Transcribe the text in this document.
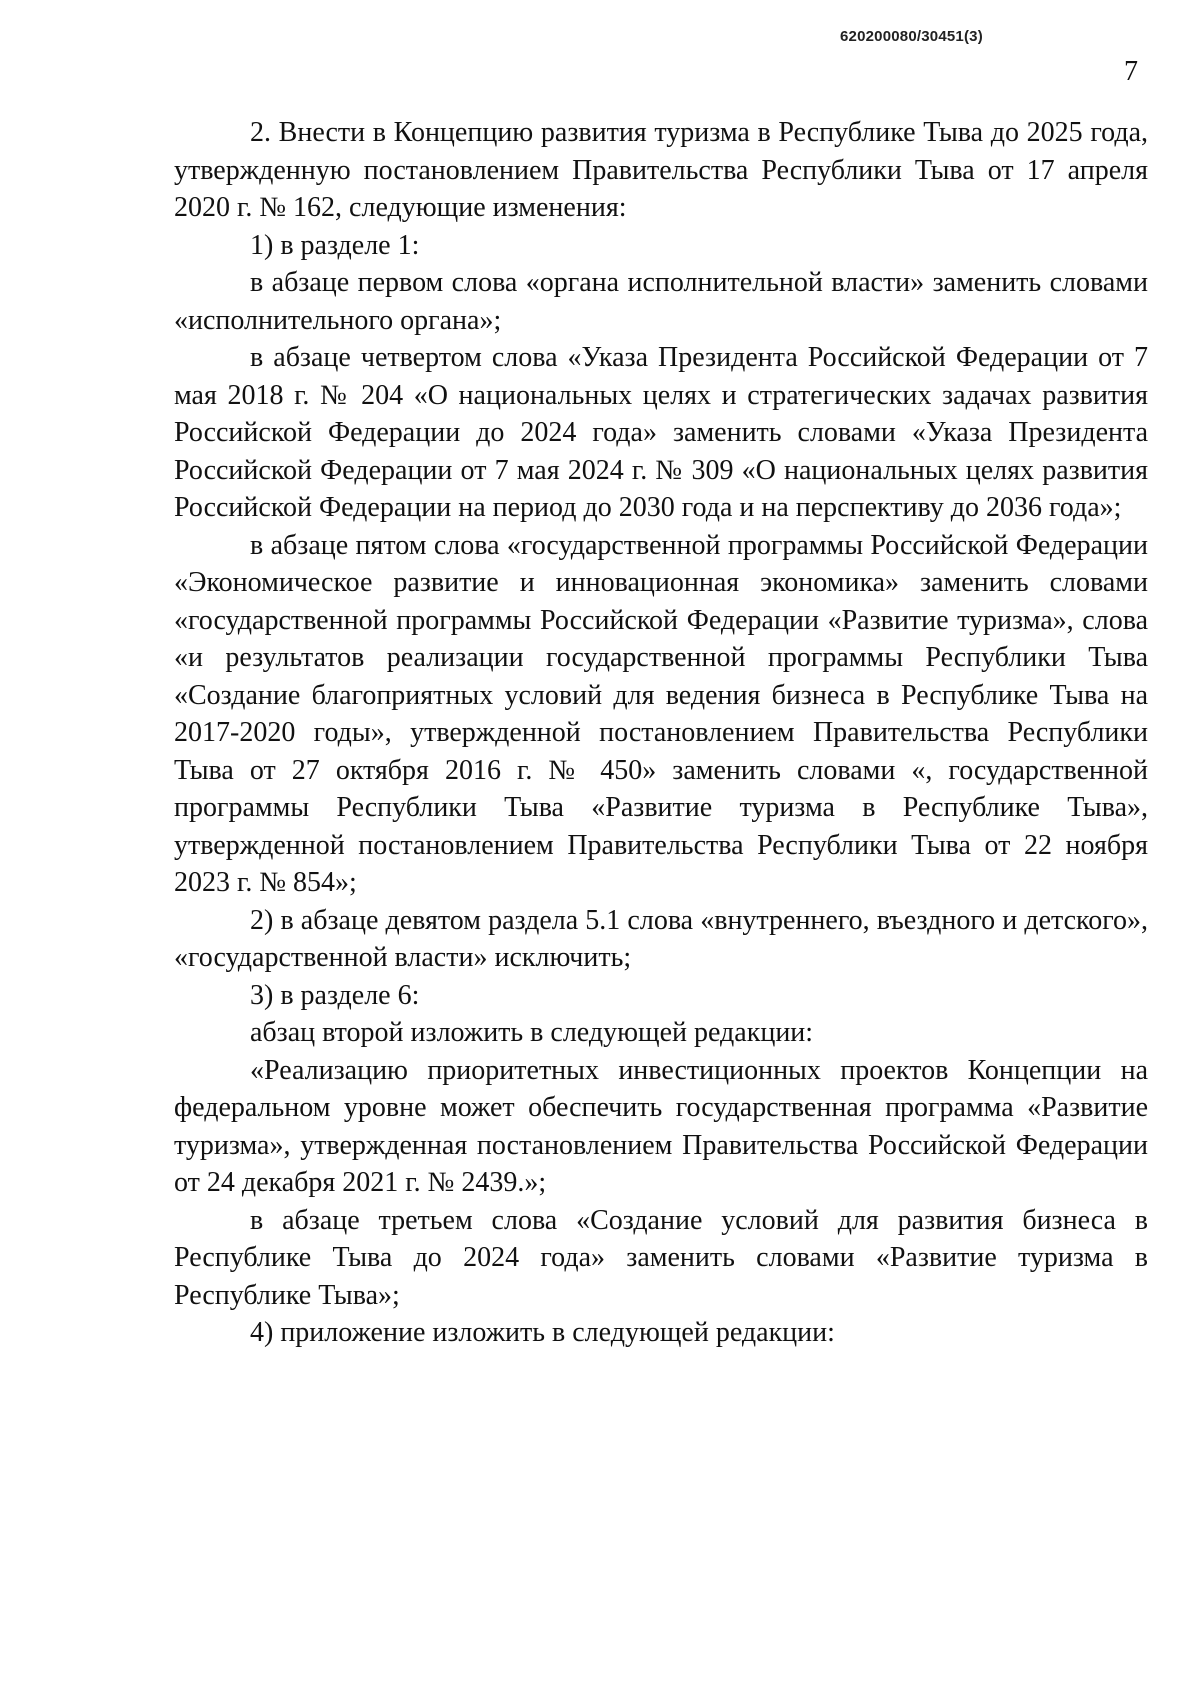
620200080/30451(3)
7

2. Внести в Концепцию развития туризма в Республике Тыва до 2025 года, утвержденную постановлением Правительства Республики Тыва от 17 апреля 2020 г. № 162, следующие изменения:

1) в разделе 1:

в абзаце первом слова «органа исполнительной власти» заменить словами «исполнительного органа»;

в абзаце четвертом слова «Указа Президента Российской Федерации от 7 мая 2018 г. № 204 «О национальных целях и стратегических задачах развития Российской Федерации до 2024 года» заменить словами «Указа Президента Российской Федерации от 7 мая 2024 г. № 309 «О национальных целях развития Российской Федерации на период до 2030 года и на перспективу до 2036 года»;

в абзаце пятом слова «государственной программы Российской Федерации «Экономическое развитие и инновационная экономика» заменить словами «государственной программы Российской Федерации «Развитие туризма», слова «и результатов реализации государственной программы Республики Тыва «Создание благоприятных условий для ведения бизнеса в Республике Тыва на 2017-2020 годы», утвержденной постановлением Правительства Республики Тыва от 27 октября 2016 г. № 450» заменить словами «, государственной программы Республики Тыва «Развитие туризма в Республике Тыва», утвержденной постановлением Правительства Республики Тыва от 22 ноября 2023 г. № 854»;

2) в абзаце девятом раздела 5.1 слова «внутреннего, въездного и детского», «государственной власти» исключить;

3) в разделе 6:

абзац второй изложить в следующей редакции:

«Реализацию приоритетных инвестиционных проектов Концепции на федеральном уровне может обеспечить государственная программа «Развитие туризма», утвержденная постановлением Правительства Российской Федерации от 24 декабря 2021 г. № 2439.»;

в абзаце третьем слова «Создание условий для развития бизнеса в Республике Тыва до 2024 года» заменить словами «Развитие туризма в Республике Тыва»;

4) приложение изложить в следующей редакции:
